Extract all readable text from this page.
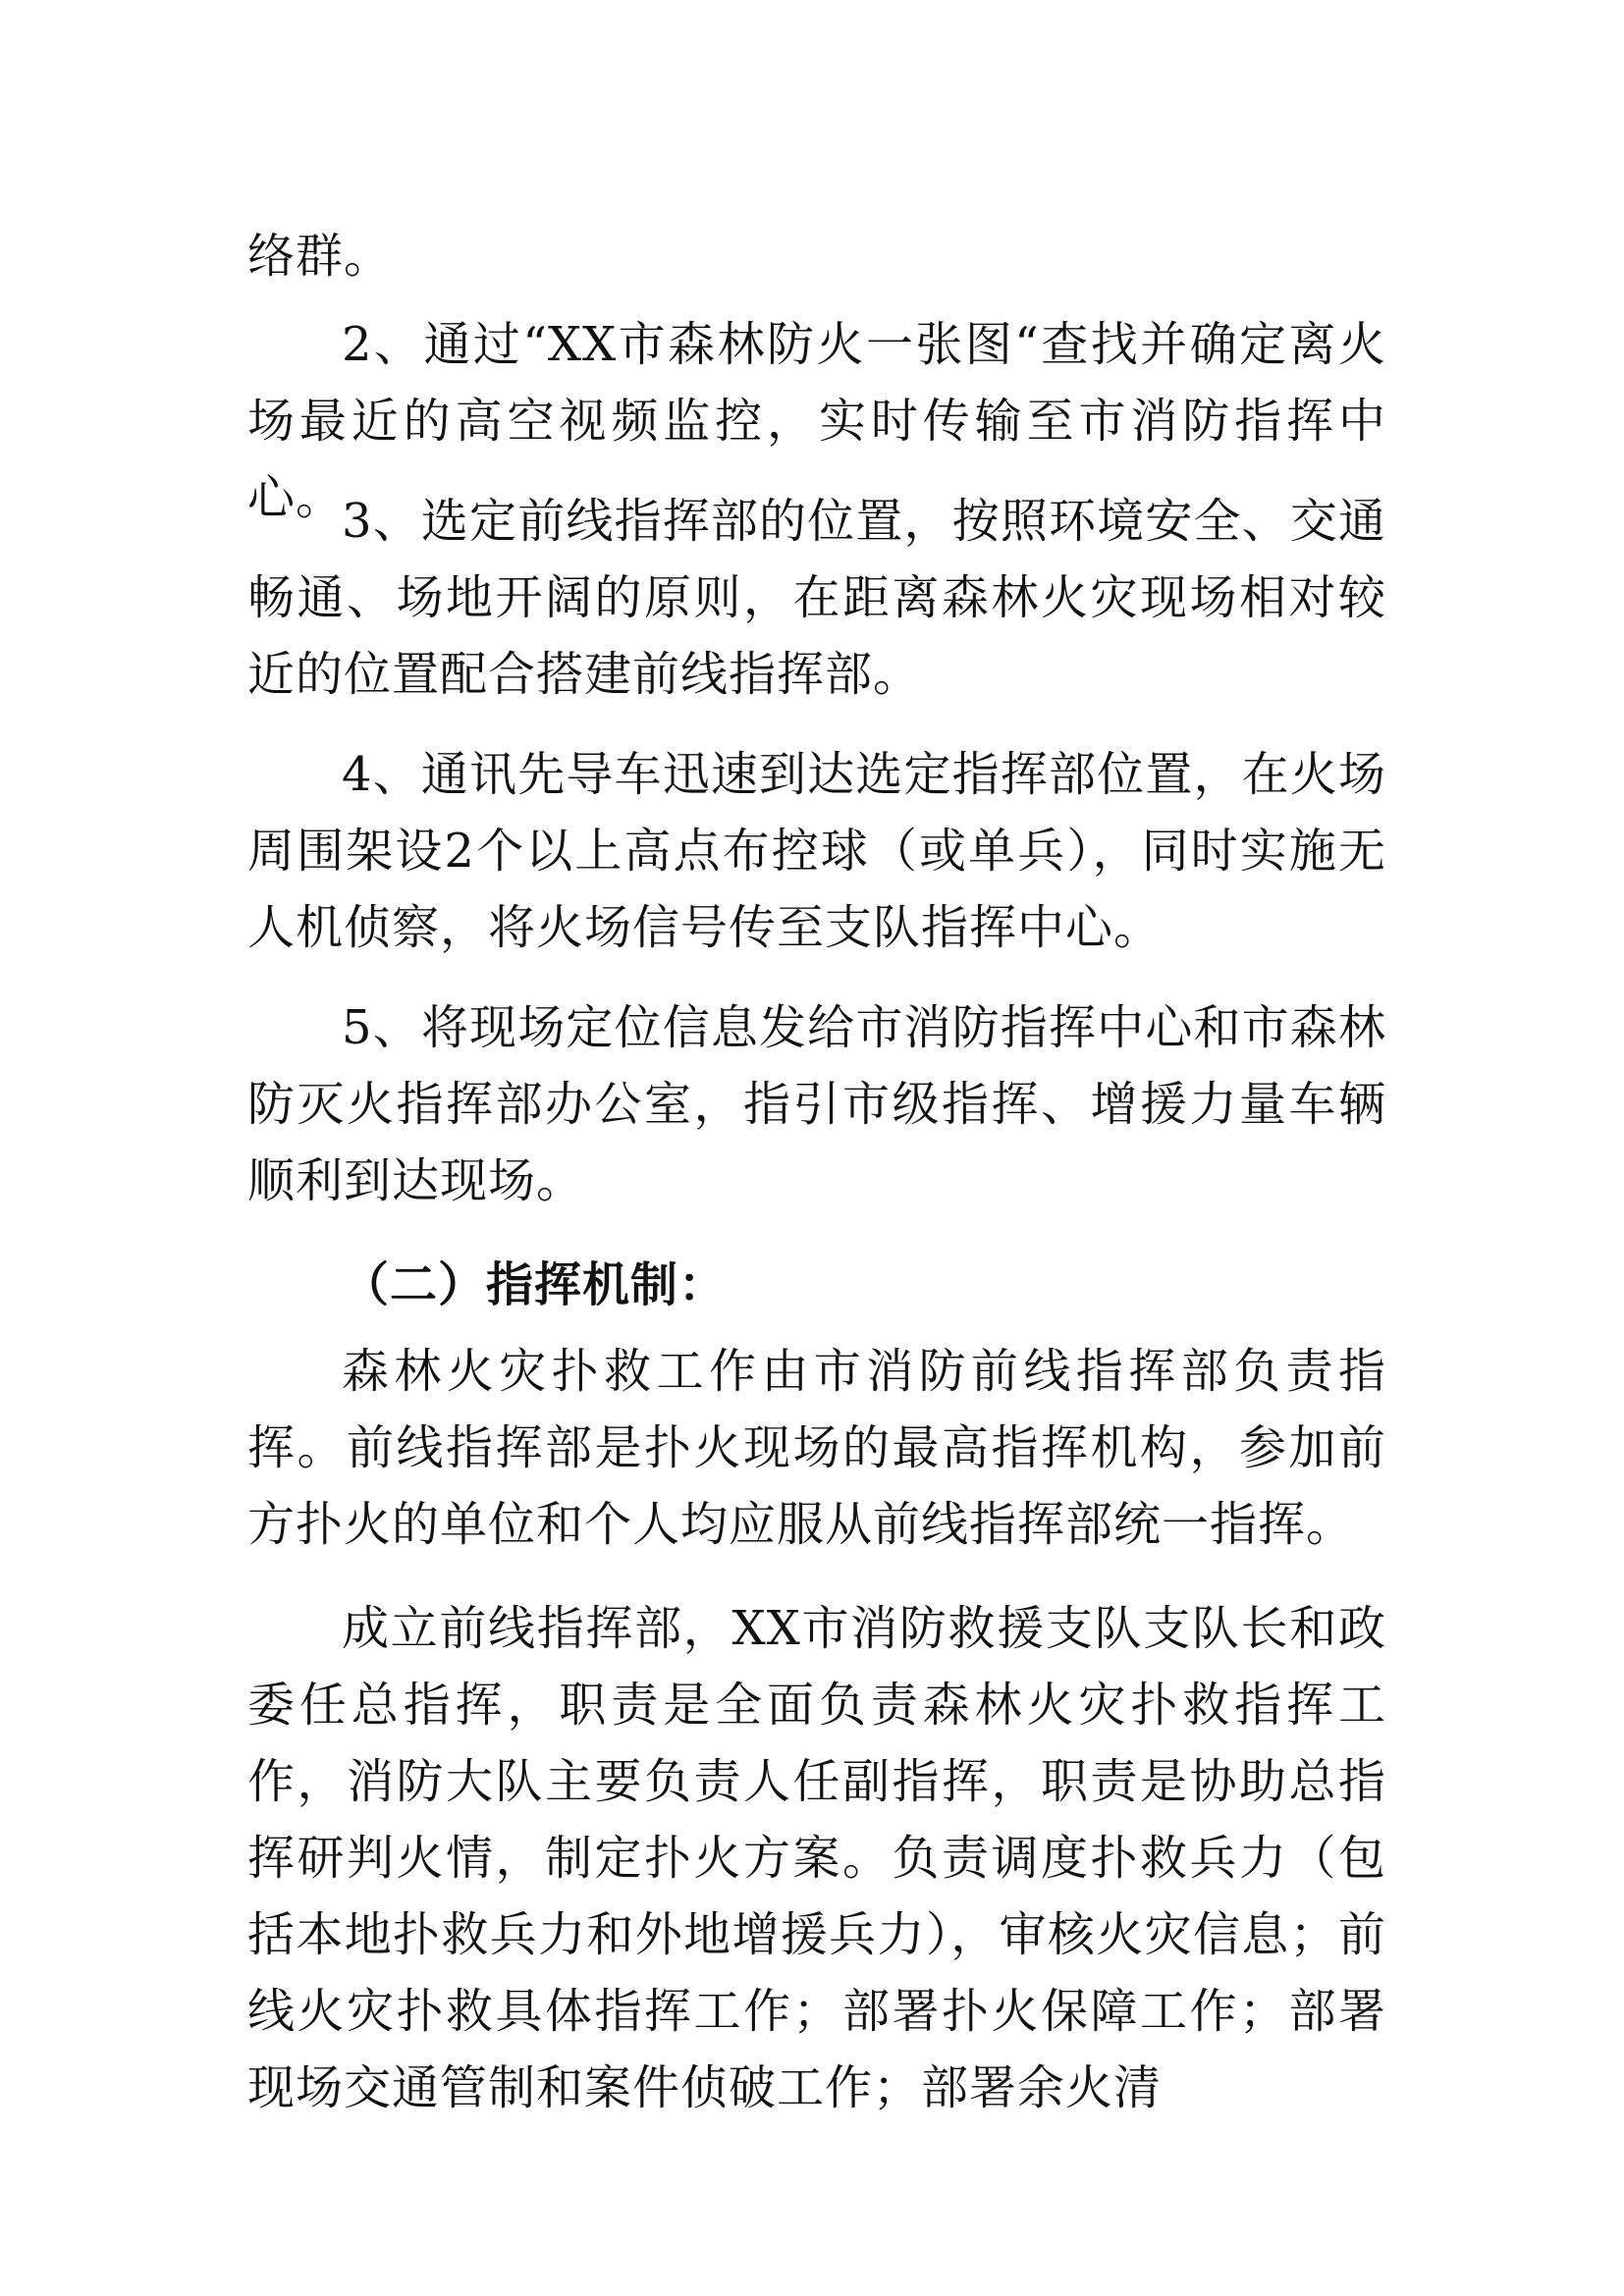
络群。

2、通过“XX市森林防火一张图“查找并确定离火场最近的高空视频监控，实时传输至市消防指挥中心。

3、选定前线指挥部的位置，按照环境安全、交通畅通、场地开阔的原则，在距离森林火灾现场相对较近的位置配合搭建前线指挥部。

4、通讯先导车迅速到达选定指挥部位置，在火场周围架设2个以上高点布控球（或单兵），同时实施无人机侦察，将火场信号传至支队指挥中心。

5、将现场定位信息发给市消防指挥中心和市森林防灭火指挥部办公室，指引市级指挥、增援力量车辆顺利到达现场。

（二）指挥机制：

森林火灾扑救工作由市消防前线指挥部负责指挥。前线指挥部是扑火现场的最高指挥机构，参加前方扑火的单位和个人均应服从前线指挥部统一指挥。

成立前线指挥部，XX市消防救援支队支队长和政委任总指挥，职责是全面负责森林火灾扑救指挥工作，消防大队主要负责人任副指挥，职责是协助总指挥研判火情，制定扑火方案。负责调度扑救兵力（包括本地扑救兵力和外地增援兵力），审核火灾信息；前线火灾扑救具体指挥工作；部署扑火保障工作；部署现场交通管制和案件侦破工作；部署余火清
